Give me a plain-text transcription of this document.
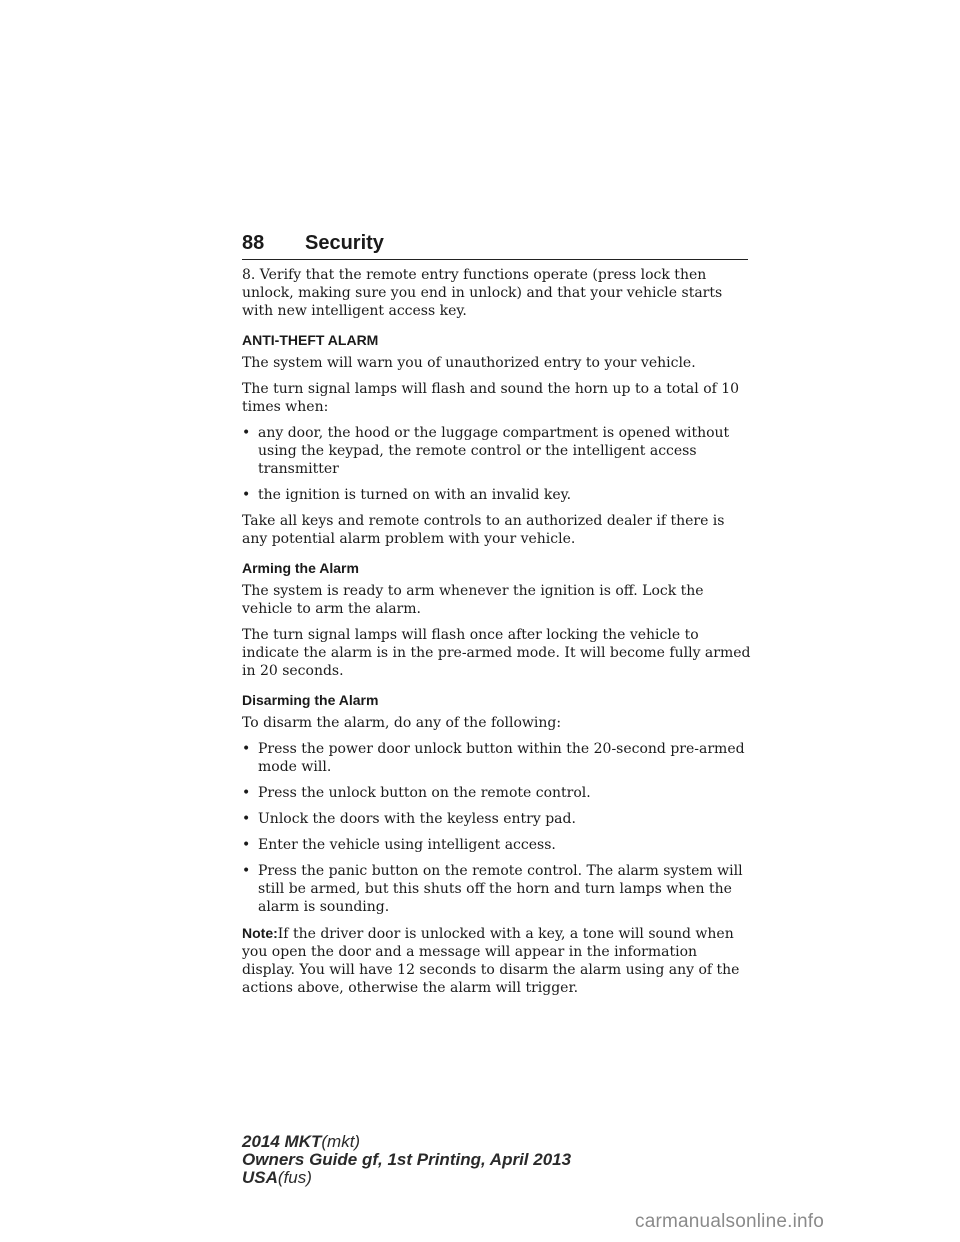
88 Security

8. Verify that the remote entry functions operate (press lock then unlock, making sure you end in unlock) and that your vehicle starts with new intelligent access key.

ANTI-THEFT ALARM

The system will warn you of unauthorized entry to your vehicle.

The turn signal lamps will flash and sound the horn up to a total of 10 times when:

• any door, the hood or the luggage compartment is opened without using the keypad, the remote control or the intelligent access transmitter
• the ignition is turned on with an invalid key.

Take all keys and remote controls to an authorized dealer if there is any potential alarm problem with your vehicle.

Arming the Alarm

The system is ready to arm whenever the ignition is off. Lock the vehicle to arm the alarm.

The turn signal lamps will flash once after locking the vehicle to indicate the alarm is in the pre-armed mode. It will become fully armed in 20 seconds.

Disarming the Alarm

To disarm the alarm, do any of the following:

• Press the power door unlock button within the 20-second pre-armed mode will.
• Press the unlock button on the remote control.
• Unlock the doors with the keyless entry pad.
• Enter the vehicle using intelligent access.
• Press the panic button on the remote control. The alarm system will still be armed, but this shuts off the horn and turn lamps when the alarm is sounding.

Note:If the driver door is unlocked with a key, a tone will sound when you open the door and a message will appear in the information display. You will have 12 seconds to disarm the alarm using any of the actions above, otherwise the alarm will trigger.

2014 MKT(mkt)
Owners Guide gf, 1st Printing, April 2013
USA(fus)
carmanualsonline.info
